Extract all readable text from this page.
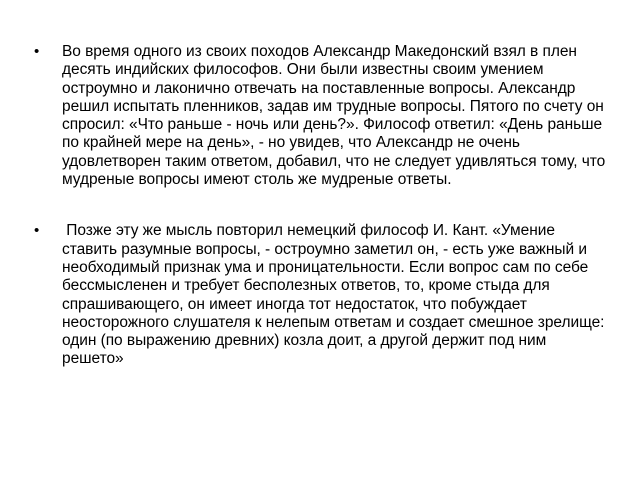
• Во время одного из своих походов Александр Македонский взял в плен десять индийских философов. Они были известны своим умением остроумно и лаконично отвечать на поставленные вопросы. Александр решил испытать пленников, задав им трудные вопросы. Пятого по счету он спросил: «Что раньше - ночь или день?». Философ ответил: «День раньше по крайней мере на день», - но увидев, что Александр не очень удовлетворен таким ответом, добавил, что не следует удивляться тому, что мудреные вопросы имеют столь же мудреные ответы.
• Позже эту же мысль повторил немецкий философ И. Кант. «Умение ставить разумные вопросы, - остроумно заметил он, - есть уже важный и необходимый признак ума и проницательности. Если вопрос сам по себе бессмысленен и требует бесполезных ответов, то, кроме стыда для спрашивающего, он имеет иногда тот недостаток, что побуждает неосторожного слушателя к нелепым ответам и создает смешное зрелище: один (по выражению древних) козла доит, а другой держит под ним решето»
